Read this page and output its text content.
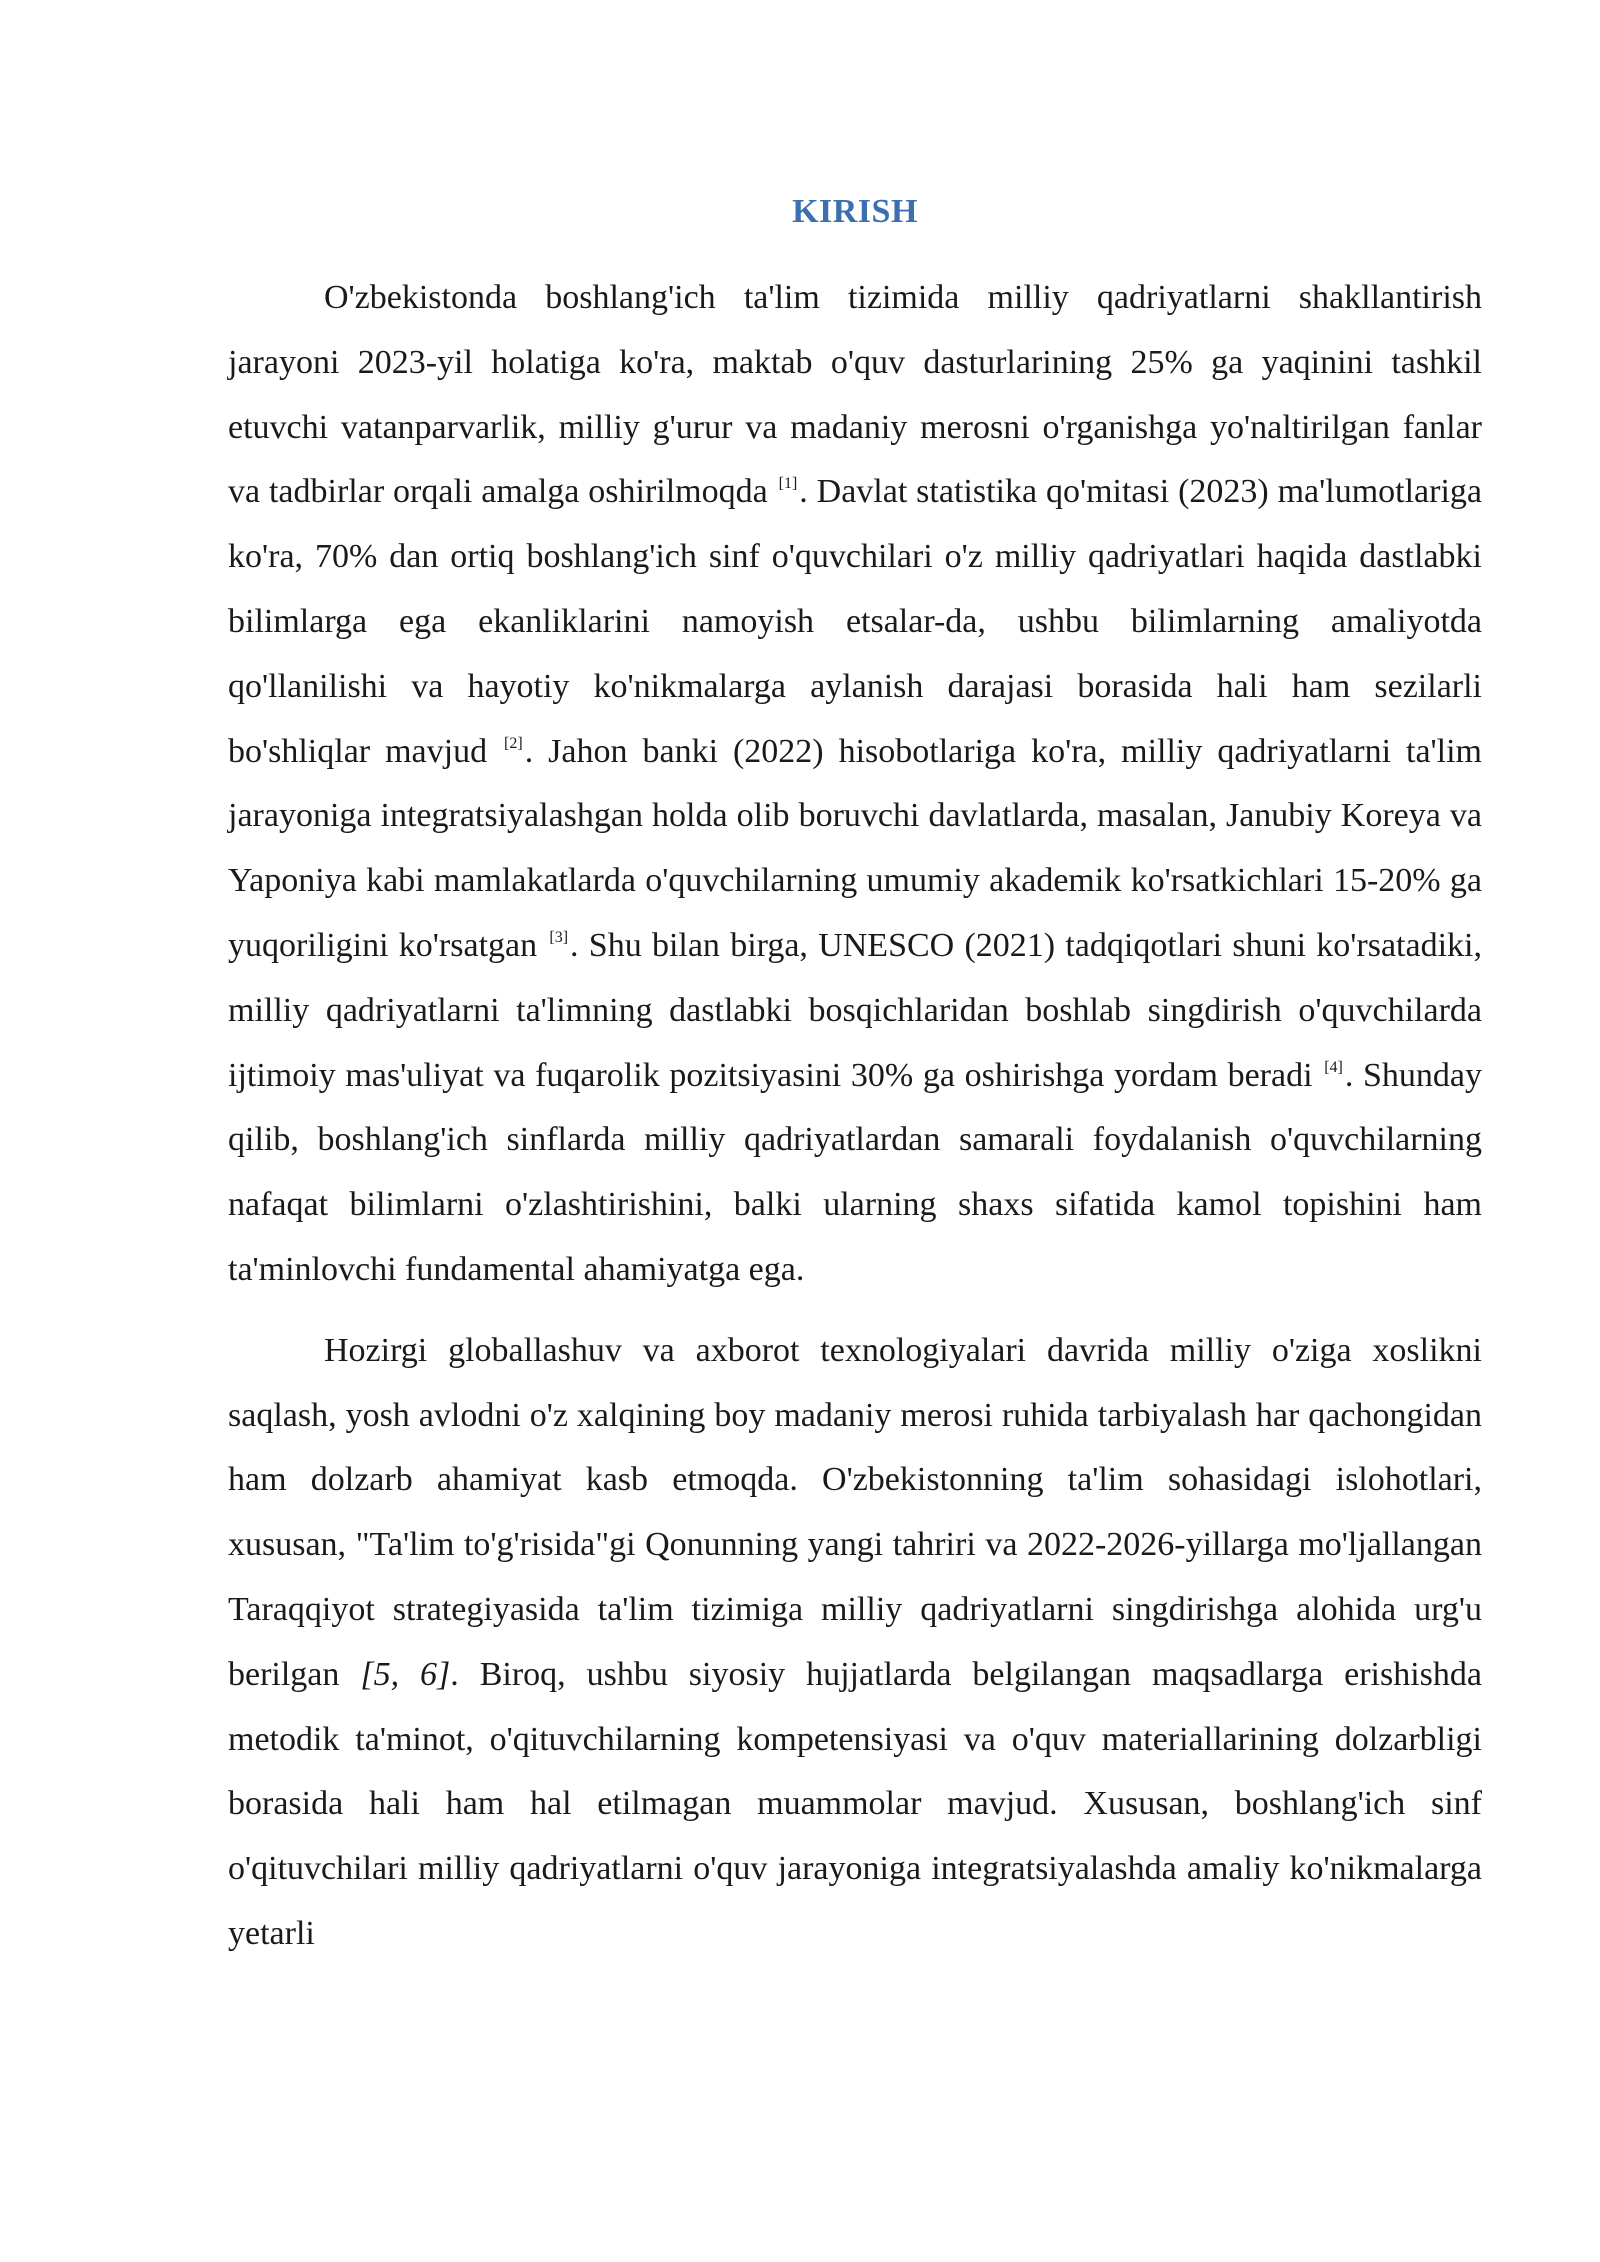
KIRISH

O'zbekistonda boshlang'ich ta'lim tizimida milliy qadriyatlarni shakllantirish jarayoni 2023-yil holatiga ko'ra, maktab o'quv dasturlarining 25% ga yaqinini tashkil etuvchi vatanparvarlik, milliy g'urur va madaniy merosni o'rganishga yo'naltirilgan fanlar va tadbirlar orqali amalga oshirilmoqda [1]. Davlat statistika qo'mitasi (2023) ma'lumotlariga ko'ra, 70% dan ortiq boshlang'ich sinf o'quvchilari o'z milliy qadriyatlari haqida dastlabki bilimlarga ega ekanliklarini namoyish etsalar-da, ushbu bilimlarning amaliyotda qo'llanilishi va hayotiy ko'nikmalarga aylanish darajasi borasida hali ham sezilarli bo'shliqlar mavjud [2]. Jahon banki (2022) hisobotlariga ko'ra, milliy qadriyatlarni ta'lim jarayoniga integratsiyalashgan holda olib boruvchi davlatlarda, masalan, Janubiy Koreya va Yaponiya kabi mamlakatlarda o'quvchilarning umumiy akademik ko'rsatkichlari 15-20% ga yuqoriligini ko'rsatgan [3]. Shu bilan birga, UNESCO (2021) tadqiqotlari shuni ko'rsatadiki, milliy qadriyatlarni ta'limning dastlabki bosqichlaridan boshlab singdirish o'quvchilarda ijtimoiy mas'uliyat va fuqarolik pozitsiyasini 30% ga oshirishga yordam beradi [4]. Shunday qilib, boshlang'ich sinflarda milliy qadriyatlardan samarali foydalanish o'quvchilarning nafaqat bilimlarni o'zlashtirishini, balki ularning shaxs sifatida kamol topishini ham ta'minlovchi fundamental ahamiyatga ega.

Hozirgi globallashuv va axborot texnologiyalari davrida milliy o'ziga xoslikni saqlash, yosh avlodni o'z xalqining boy madaniy merosi ruhida tarbiyalash har qachongidan ham dolzarb ahamiyat kasb etmoqda. O'zbekistonning ta'lim sohasidagi islohotlari, xususan, "Ta'lim to'g'risida"gi Qonunning yangi tahriri va 2022-2026-yillarga mo'ljallangan Taraqqiyot strategiyasida ta'lim tizimiga milliy qadriyatlarni singdirishga alohida urg'u berilgan [5, 6]. Biroq, ushbu siyosiy hujjatlarda belgilangan maqsadlarga erishishda metodik ta'minot, o'qituvchilarning kompetensiyasi va o'quv materiallarining dolzarbligi borasida hali ham hal etilmagan muammolar mavjud. Xususan, boshlang'ich sinf o'qituvchilari milliy qadriyatlarni o'quv jarayoniga integratsiyalashda amaliy ko'nikmalarga yetarli
